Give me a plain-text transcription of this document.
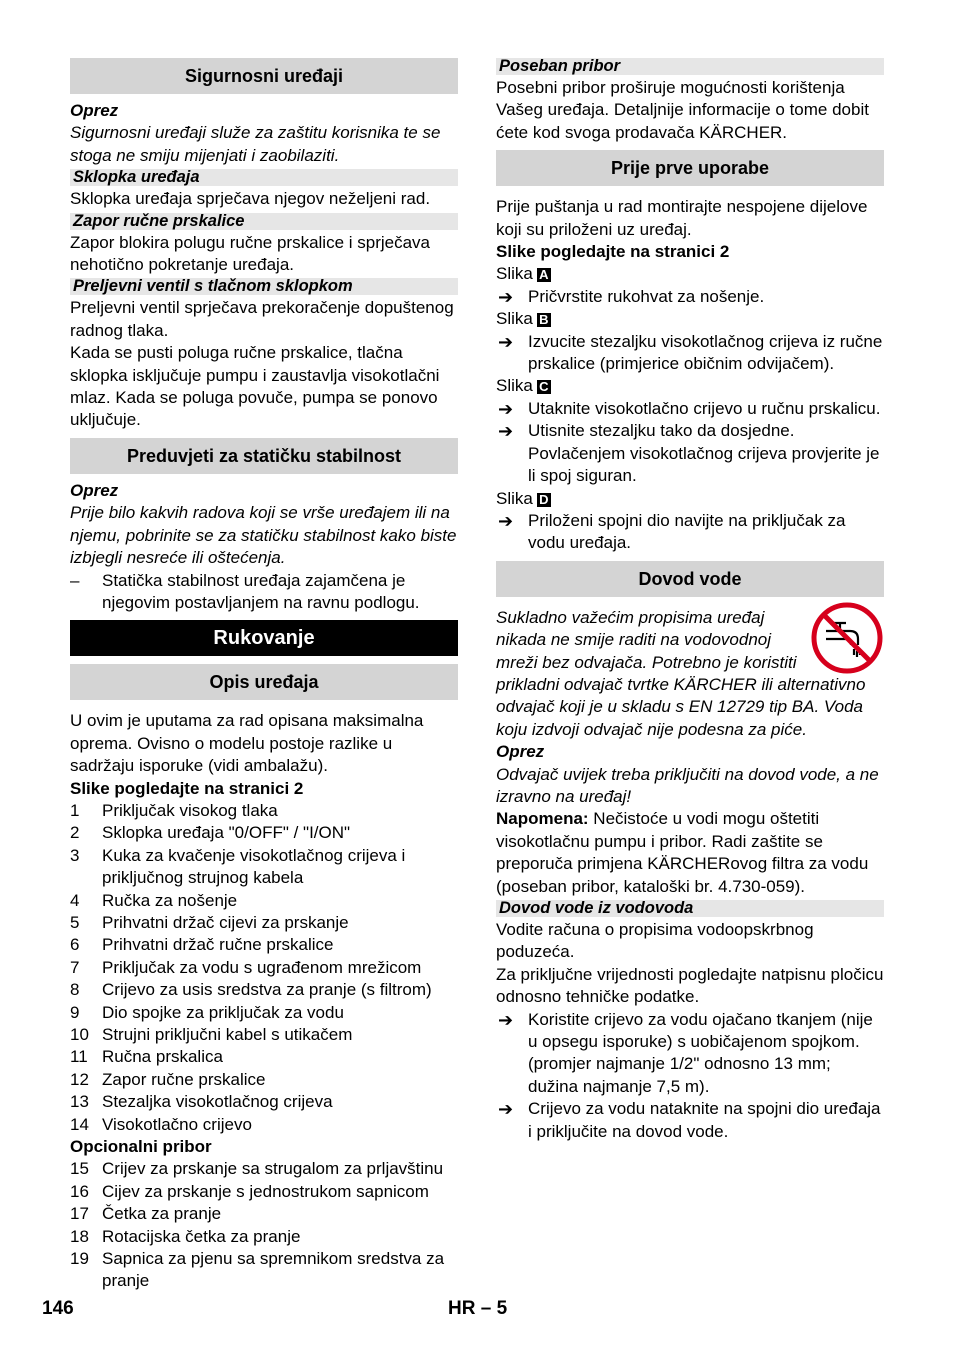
Sigurnosni uređaji

Oprez

Sigurnosni uređaji služe za zaštitu korisnika te se stoga ne smiju mijenjati i zaobilaziti.

Sklopka uređaja

Sklopka uređaja sprječava njegov neželjeni rad.

Zapor ručne prskalice

Zapor blokira polugu ručne prskalice i sprječava nehotično pokretanje uređaja.

Preljevni ventil s tlačnom sklopkom

Preljevni ventil sprječava prekoračenje dopuštenog radnog tlaka.

Kada se pusti poluga ručne prskalice, tlačna sklopka isključuje pumpu i zaustavlja visokotlačni mlaz. Kada se poluga povuče, pumpa se ponovo uključuje.

Preduvjeti za statičku stabilnost

Oprez

Prije bilo kakvih radova koji se vrše uređajem ili na njemu, pobrinite se za statičku stabilnost kako biste izbjegli nesreće ili oštećenja.

– Statička stabilnost uređaja zajamčena je njegovim postavljanjem na ravnu podlogu.
Rukovanje
Opis uređaja

U ovim je uputama za rad opisana maksimalna oprema. Ovisno o modelu postoje razlike u sadržaju isporuke (vidi ambalažu).

Slike pogledajte na stranici 2

1 Priključak visokog tlaka
2 Sklopka uređaja "0/OFF" / "I/ON"
3 Kuka za kvačenje visokotlačnog crijeva i priključnog strujnog kabela
4 Ručka za nošenje
5 Prihvatni držač cijevi za prskanje
6 Prihvatni držač ručne prskalice
7 Priključak za vodu s ugrađenom mrežicom
8 Crijevo za usis sredstva za pranje (s filtrom)
9 Dio spojke za priključak za vodu
10 Strujni priključni kabel s utikačem
11 Ručna prskalica
12 Zapor ručne prskalice
13 Stezaljka visokotlačnog crijeva
14 Visokotlačno crijevo

Opcionalni pribor

15 Crijev za prskanje sa strugalom za prljavštinu
16 Cijev za prskanje s jednostrukom sapnicom
17 Četka za pranje
18 Rotacijska četka za pranje
19 Sapnica za pjenu sa spremnikom sredstva za pranje
Poseban pribor

Posebni pribor proširuje mogućnosti korištenja Vašeg uređaja. Detaljnije informacije o tome dobit ćete kod svoga prodavača KÄRCHER.

Prije prve uporabe

Prije puštanja u rad montirajte nespojene dijelove koji su priloženi uz uređaj.

Slike pogledajte na stranici 2

Slika A

➔ Pričvrstite rukohvat za nošenje.

Slika B

➔ Izvucite stezaljku visokotlačnog crijeva iz ručne prskalice (primjerice običnim odvijačem).

Slika C

➔ Utaknite visokotlačno crijevo u ručnu prskalicu.
➔ Utisnite stezaljku tako da dosjedne. Povlačenjem visokotlačnog crijeva provjerite je li spoj siguran.

Slika D

➔ Priloženi spojni dio navijte na priključak za vodu uređaja.
Dovod vode

Sukladno važećim propisima uređaj nikada ne smije raditi na vodovodnoj mreži bez odvajača. Potrebno je koristiti prikladni odvajač tvrtke KÄRCHER ili alternativno odvajač koji je u skladu s EN 12729 tip BA. Voda koju izdvoji odvajač nije podesna za piće.

Oprez

Odvajač uvijek treba priključiti na dovod vode, a ne izravno na uređaj!

Napomena: Nečistoće u vodi mogu oštetiti visokotlačnu pumpu i pribor. Radi zaštite se preporuča primjena KÄRCHERovog filtra za vodu (poseban pribor, kataloški br. 4.730-059).

Dovod vode iz vodovoda

Vodite računa o propisima vodoopskrbnog poduzeća.

Za priključne vrijednosti pogledajte natpisnu pločicu odnosno tehničke podatke.

➔ Koristite crijevo za vodu ojačano tkanjem (nije u opsegu isporuke) s uobičajenom spojkom. (promjer najmanje 1/2" odnosno 13 mm; dužina najmanje 7,5 m).
➔ Crijevo za vodu nataknite na spojni dio uređaja i priključite na dovod vode.
146	HR – 5
